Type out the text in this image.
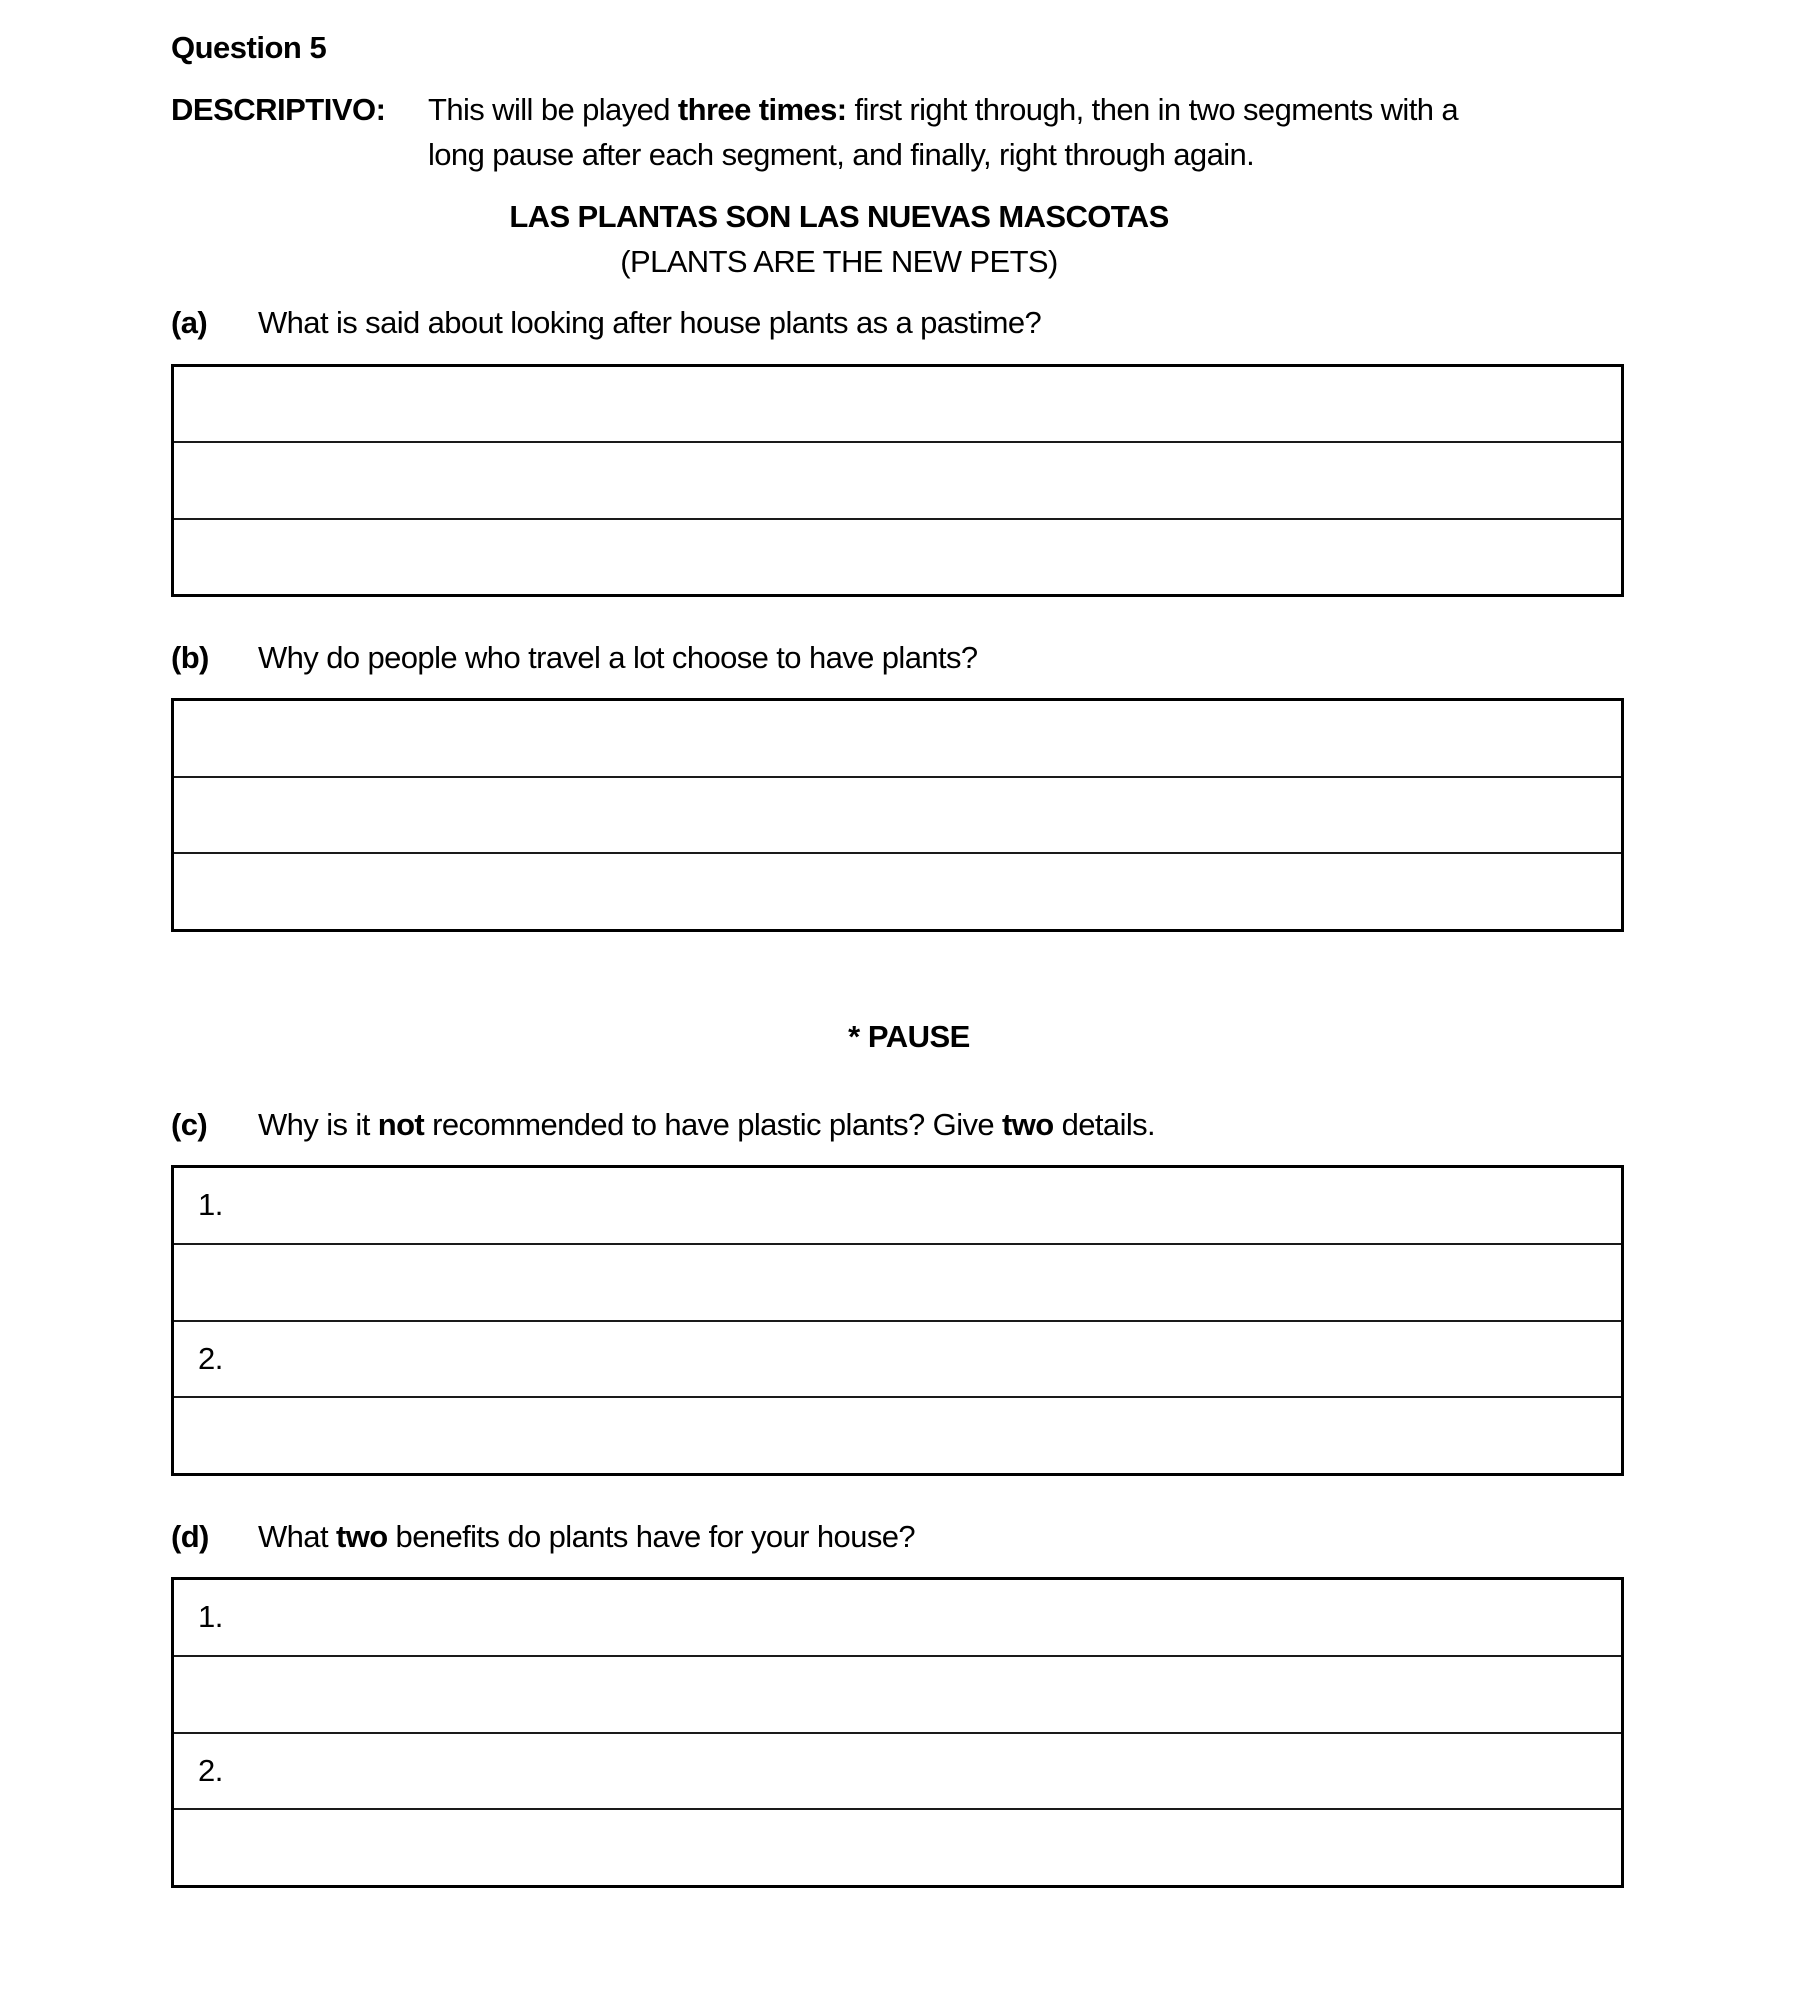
Question 5
DESCRIPTIVO: This will be played three times: first right through, then in two segments with a
long pause after each segment, and finally, right through again.
LAS PLANTAS SON LAS NUEVAS MASCOTAS
(PLANTS ARE THE NEW PETS)
(a) What is said about looking after house plants as a pastime?
(b) Why do people who travel a lot choose to have plants?
* PAUSE
(c) Why is it not recommended to have plastic plants? Give two details.
1.
2.
(d) What two benefits do plants have for your house?
1.
2.
